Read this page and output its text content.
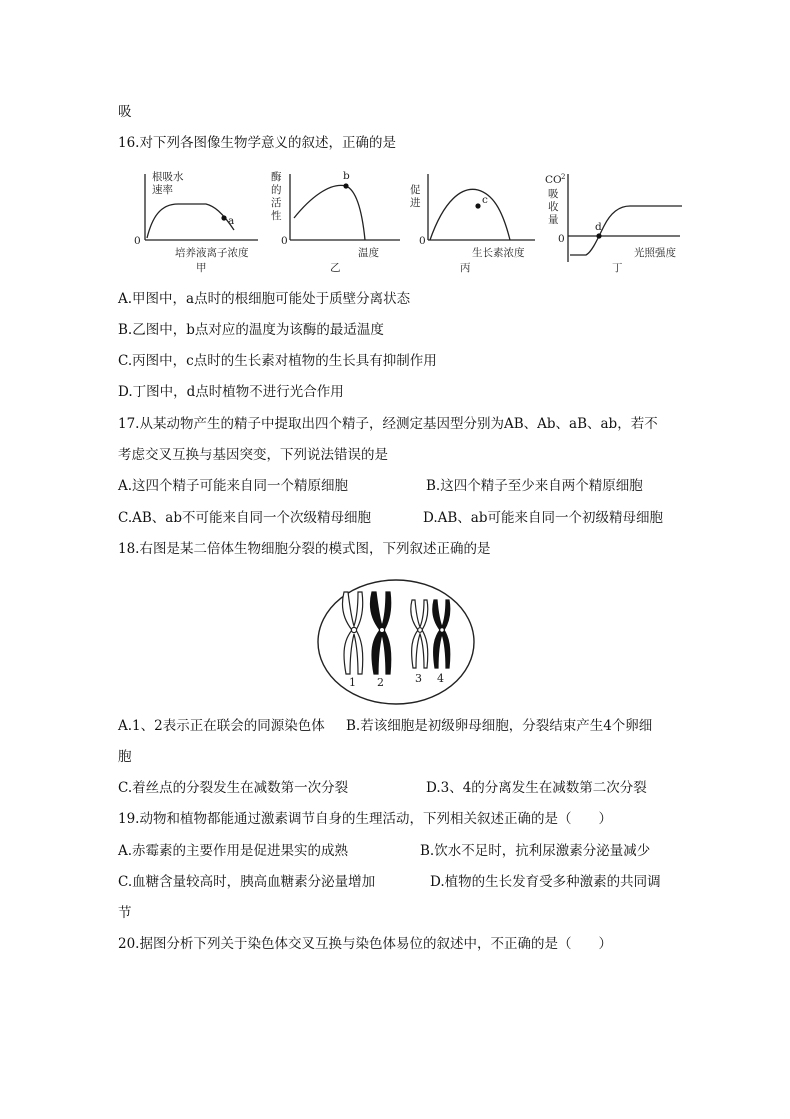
吸
16.对下列各图像生物学意义的叙述，正确的是
根吸水
速率
0
a
培养液离子浓度
甲
酶
的
活
性
0
b
温度
乙
促
进
0
c
生长素浓度
丙
CO 2
吸
收
量
0
d
光照强度
丁
A.甲图中，a点时的根细胞可能处于质壁分离状态
B.乙图中，b点对应的温度为该酶的最适温度
C.丙图中，c点时的生长素对植物的生长具有抑制作用
D.丁图中，d点时植物不进行光合作用
17.从某动物产生的精子中提取出四个精子，经测定基因型分别为AB、Ab、aB、ab，若不
考虑交叉互换与基因突变，下列说法错误的是
A.这四个精子可能来自同一个精原细胞	B.这四个精子至少来自两个精原细胞
C.AB、ab不可能来自同一个次级精母细胞	D.AB、ab可能来自同一个初级精母细胞
18.右图是某二倍体生物细胞分裂的模式图，下列叙述正确的是
1 2	3 4
A.1、2表示正在联会的同源染色体 B.若该细胞是初级卵母细胞，分裂结束产生4个卵细
胞
C.着丝点的分裂发生在减数第一次分裂	D.3、4的分离发生在减数第二次分裂
19.动物和植物都能通过激素调节自身的生理活动，下列相关叙述正确的是（　　）
A.赤霉素的主要作用是促进果实的成熟	B.饮水不足时，抗利尿激素分泌量减少
C.血糖含量较高时，胰高血糖素分泌量增加	D.植物的生长发育受多种激素的共同调
节
20.据图分析下列关于染色体交叉互换与染色体易位的叙述中，不正确的是（　　）
